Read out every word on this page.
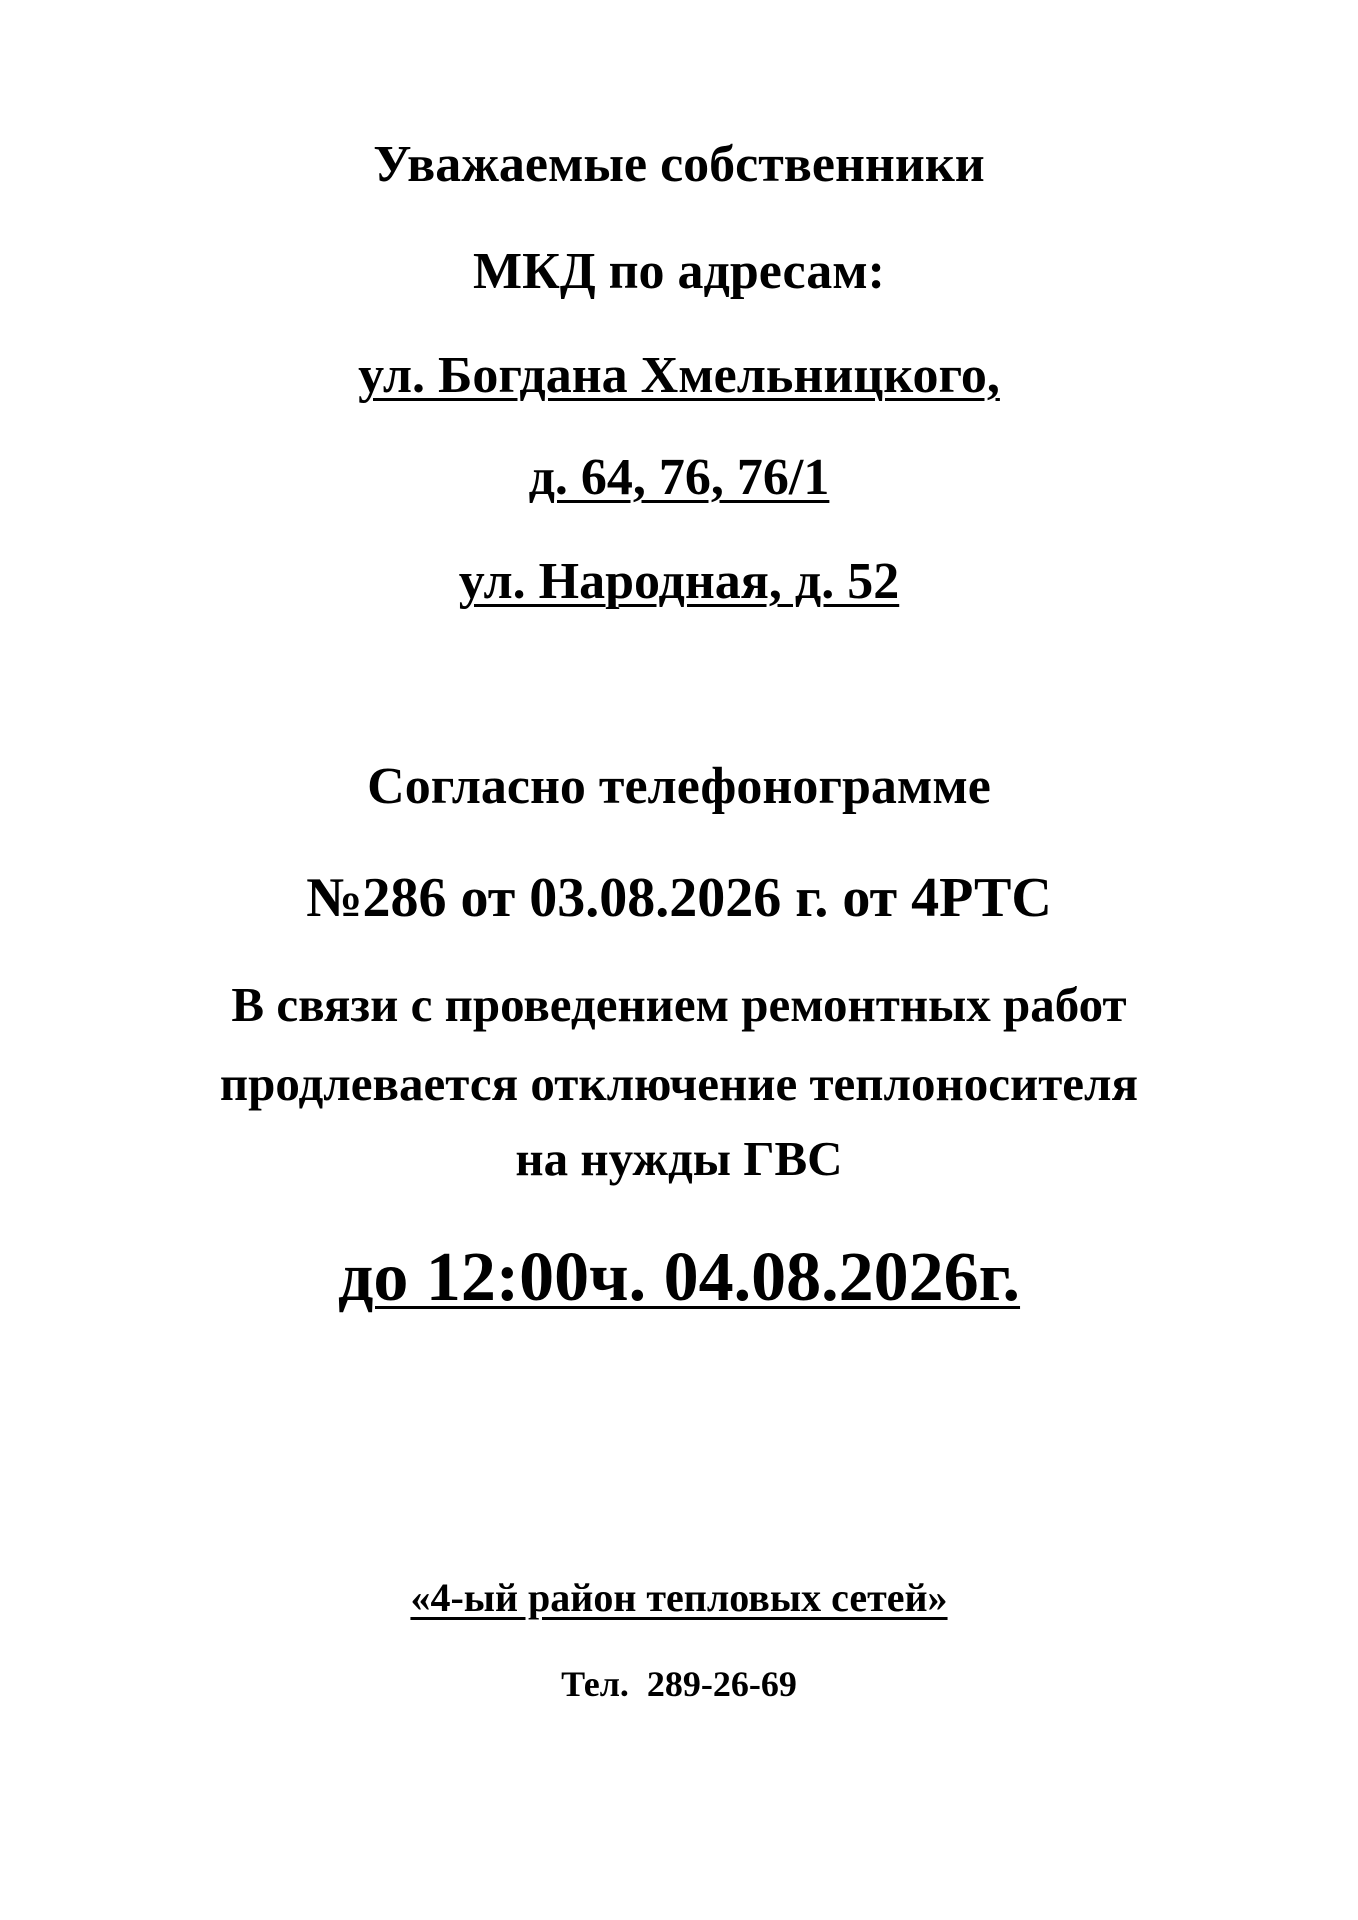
Уважаемые собственники
МКД по адресам:
ул. Богдана Хмельницкого,
д. 64, 76, 76/1
ул. Народная, д. 52
Согласно телефонограмме
№286 от 03.08.2026 г. от 4РТС
В связи с проведением ремонтных работ
продлевается отключение теплоносителя
на нужды ГВС
до 12:00ч. 04.08.2026г.
«4-ый район тепловых сетей»
Тел.  289-26-69
